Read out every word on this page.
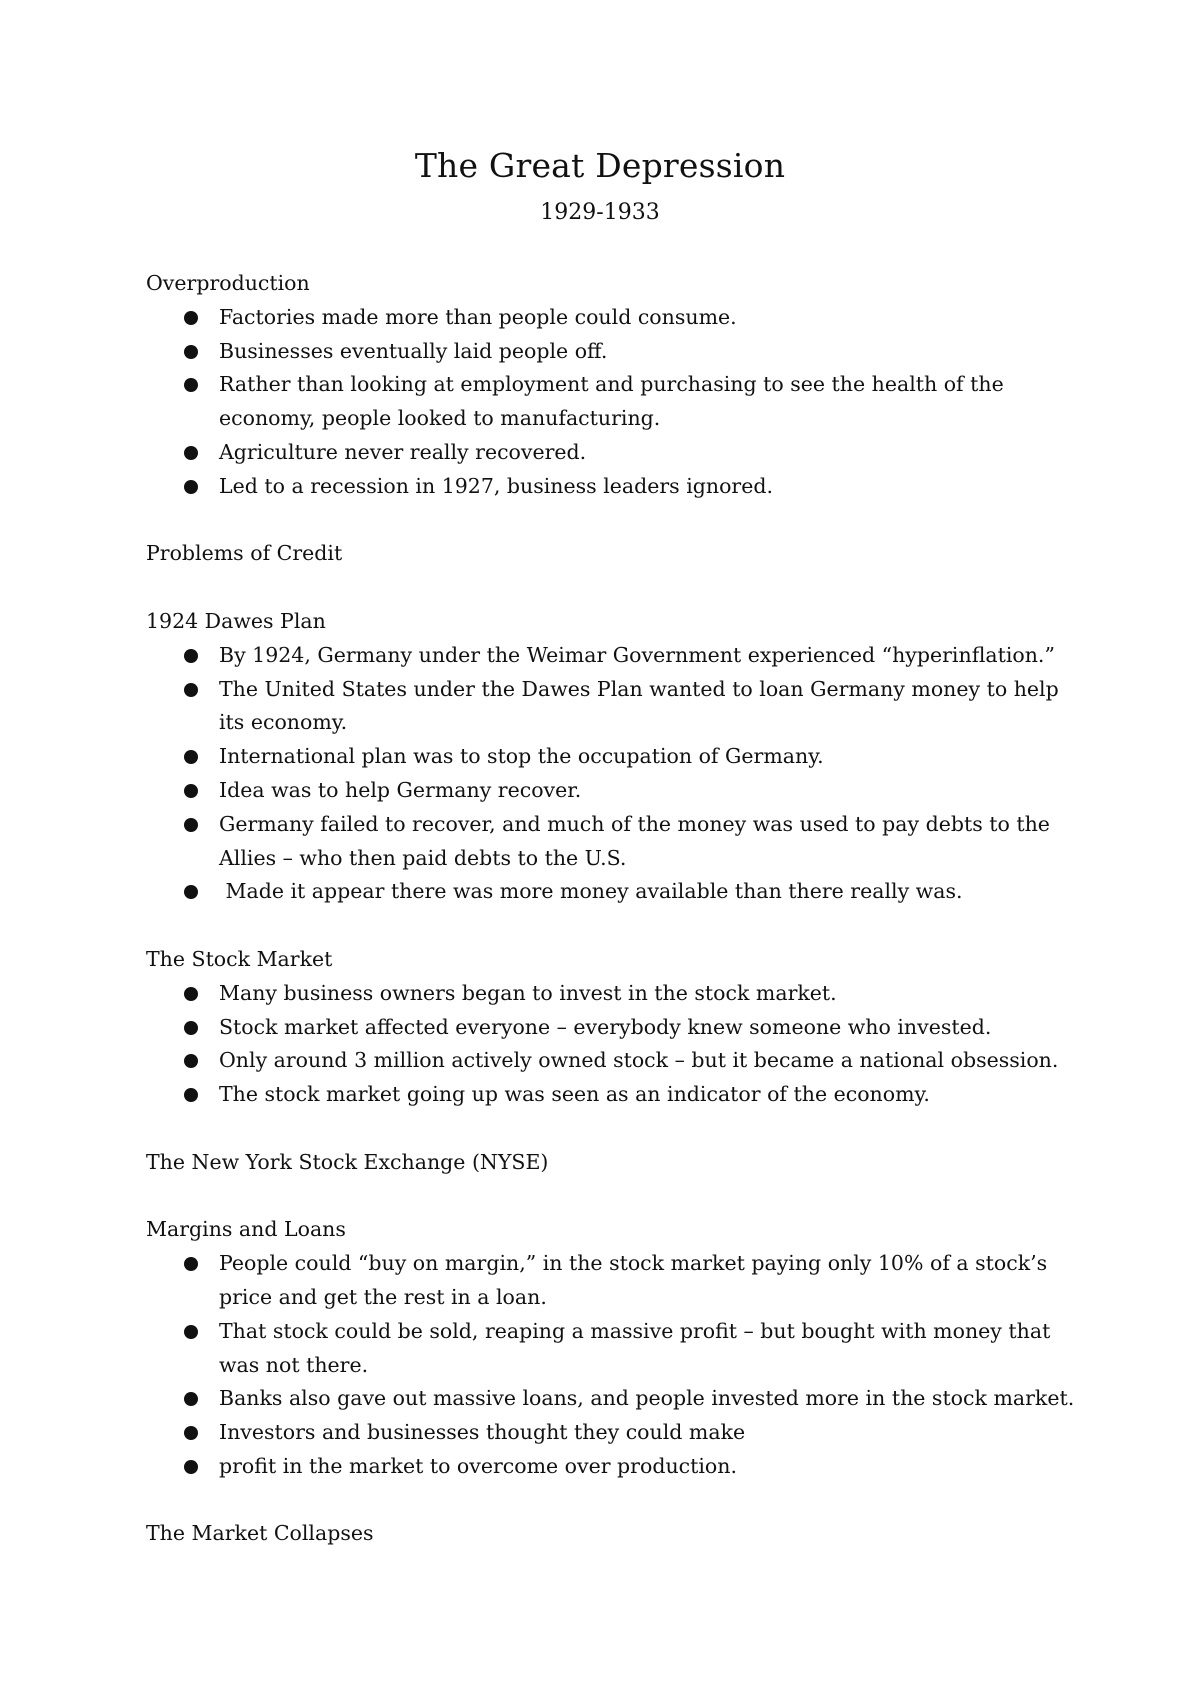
The Great Depression
1929-1933

Overproduction

Factories made more than people could consume.
Businesses eventually laid people off.
Rather than looking at employment and purchasing to see the health of the economy, people looked to manufacturing.
Agriculture never really recovered.
Led to a recession in 1927, business leaders ignored.

Problems of Credit

1924 Dawes Plan

By 1924, Germany under the Weimar Government experienced “hyperinflation.”
The United States under the Dawes Plan wanted to loan Germany money to help its economy.
International plan was to stop the occupation of Germany.
Idea was to help Germany recover.
Germany failed to recover, and much of the money was used to pay debts to the Allies – who then paid debts to the U.S.
Made it appear there was more money available than there really was.

The Stock Market

Many business owners began to invest in the stock market.
Stock market affected everyone – everybody knew someone who invested.
Only around 3 million actively owned stock – but it became a national obsession.
The stock market going up was seen as an indicator of the economy.

The New York Stock Exchange (NYSE)

Margins and Loans

People could “buy on margin,” in the stock market paying only 10% of a stock’s price and get the rest in a loan.
That stock could be sold, reaping a massive profit – but bought with money that was not there.
Banks also gave out massive loans, and people invested more in the stock market.
Investors and businesses thought they could make
profit in the market to overcome over production.

The Market Collapses
